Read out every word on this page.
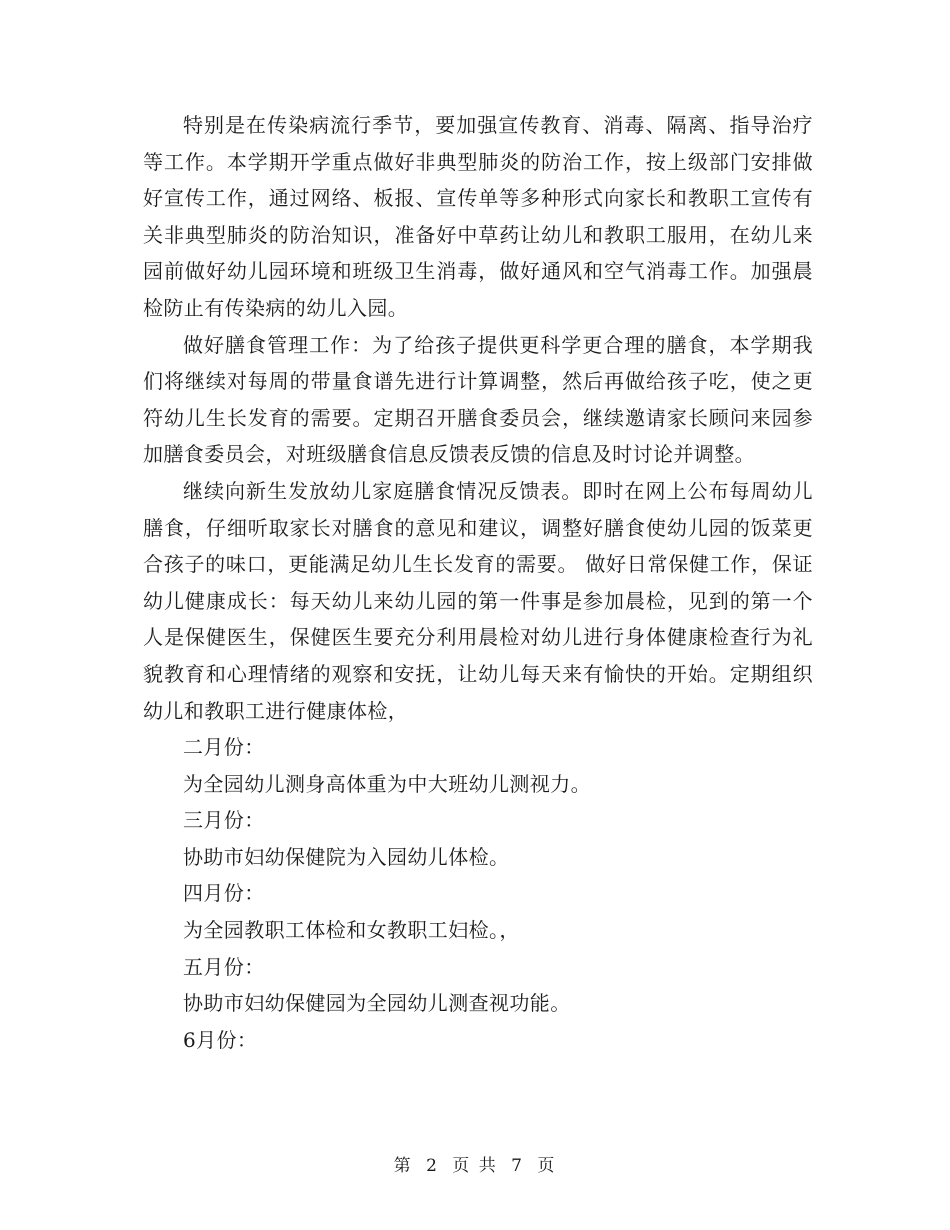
特别是在传染病流行季节，要加强宣传教育、消毒、隔离、指导治疗等工作。本学期开学重点做好非典型肺炎的防治工作，按上级部门安排做好宣传工作，通过网络、板报、宣传单等多种形式向家长和教职工宣传有关非典型肺炎的防治知识，准备好中草药让幼儿和教职工服用，在幼儿来园前做好幼儿园环境和班级卫生消毒，做好通风和空气消毒工作。加强晨检防止有传染病的幼儿入园。

做好膳食管理工作：为了给孩子提供更科学更合理的膳食，本学期我们将继续对每周的带量食谱先进行计算调整，然后再做给孩子吃，使之更符幼儿生长发育的需要。定期召开膳食委员会，继续邀请家长顾问来园参加膳食委员会，对班级膳食信息反馈表反馈的信息及时讨论并调整。

继续向新生发放幼儿家庭膳食情况反馈表。即时在网上公布每周幼儿膳食，仔细听取家长对膳食的意见和建议，调整好膳食使幼儿园的饭菜更合孩子的味口，更能满足幼儿生长发育的需要。 做好日常保健工作，保证幼儿健康成长：每天幼儿来幼儿园的第一件事是参加晨检，见到的第一个人是保健医生，保健医生要充分利用晨检对幼儿进行身体健康检查行为礼貌教育和心理情绪的观察和安抚，让幼儿每天来有愉快的开始。定期组织幼儿和教职工进行健康体检，

二月份：

为全园幼儿测身高体重为中大班幼儿测视力。

三月份：

协助市妇幼保健院为入园幼儿体检。

四月份：

为全园教职工体检和女教职工妇检。，

五月份：

协助市妇幼保健园为全园幼儿测查视功能。

6月份：

第 2 页 共 7 页
